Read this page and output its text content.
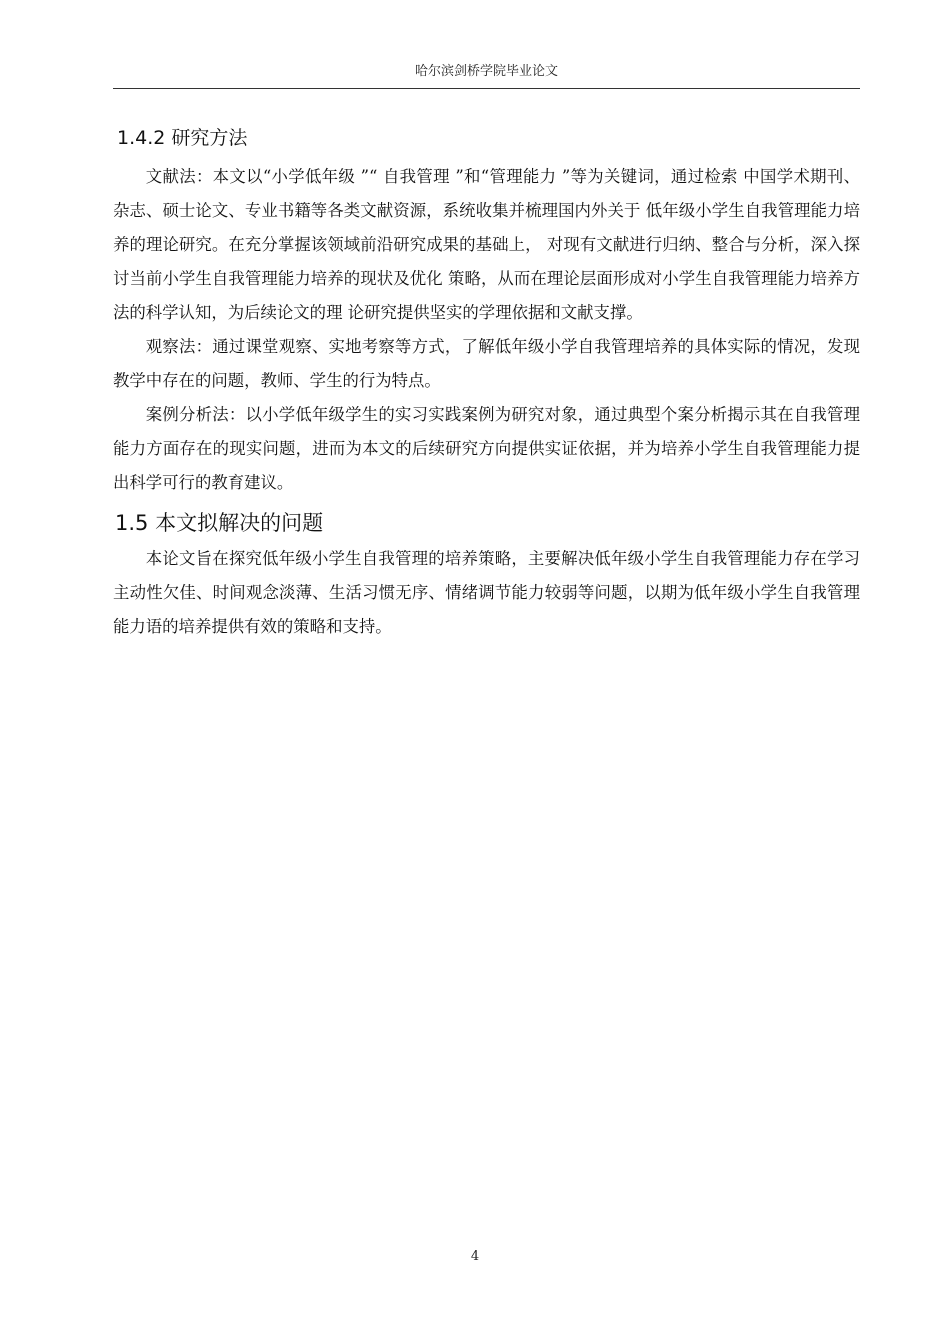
哈尔滨剑桥学院毕业论文
1.4.2 研究方法

文献法：本文以“小学低年级 ”“ 自我管理 ”和“管理能力 ”等为关键词，通过检索 中国学术期刊、杂志、硕士论文、专业书籍等各类文献资源，系统收集并梳理国内外关于 低年级小学生自我管理能力培养的理论研究。在充分掌握该领域前沿研究成果的基础上， 对现有文献进行归纳、整合与分析，深入探讨当前小学生自我管理能力培养的现状及优化 策略，从而在理论层面形成对小学生自我管理能力培养方法的科学认知，为后续论文的理 论研究提供坚实的学理依据和文献支撑。

观察法：通过课堂观察、实地考察等方式，了解低年级小学自我管理培养的具体实际的情况，发现教学中存在的问题，教师、学生的行为特点。

案例分析法：以小学低年级学生的实习实践案例为研究对象，通过典型个案分析揭示其在自我管理能力方面存在的现实问题，进而为本文的后续研究方向提供实证依据，并为培养小学生自我管理能力提出科学可行的教育建议。

1.5 本文拟解决的问题

本论文旨在探究低年级小学生自我管理的培养策略，主要解决低年级小学生自我管理能力存在学习主动性欠佳、时间观念淡薄、生活习惯无序、情绪调节能力较弱等问题，以期为低年级小学生自我管理能力语的培养提供有效的策略和支持。

4
